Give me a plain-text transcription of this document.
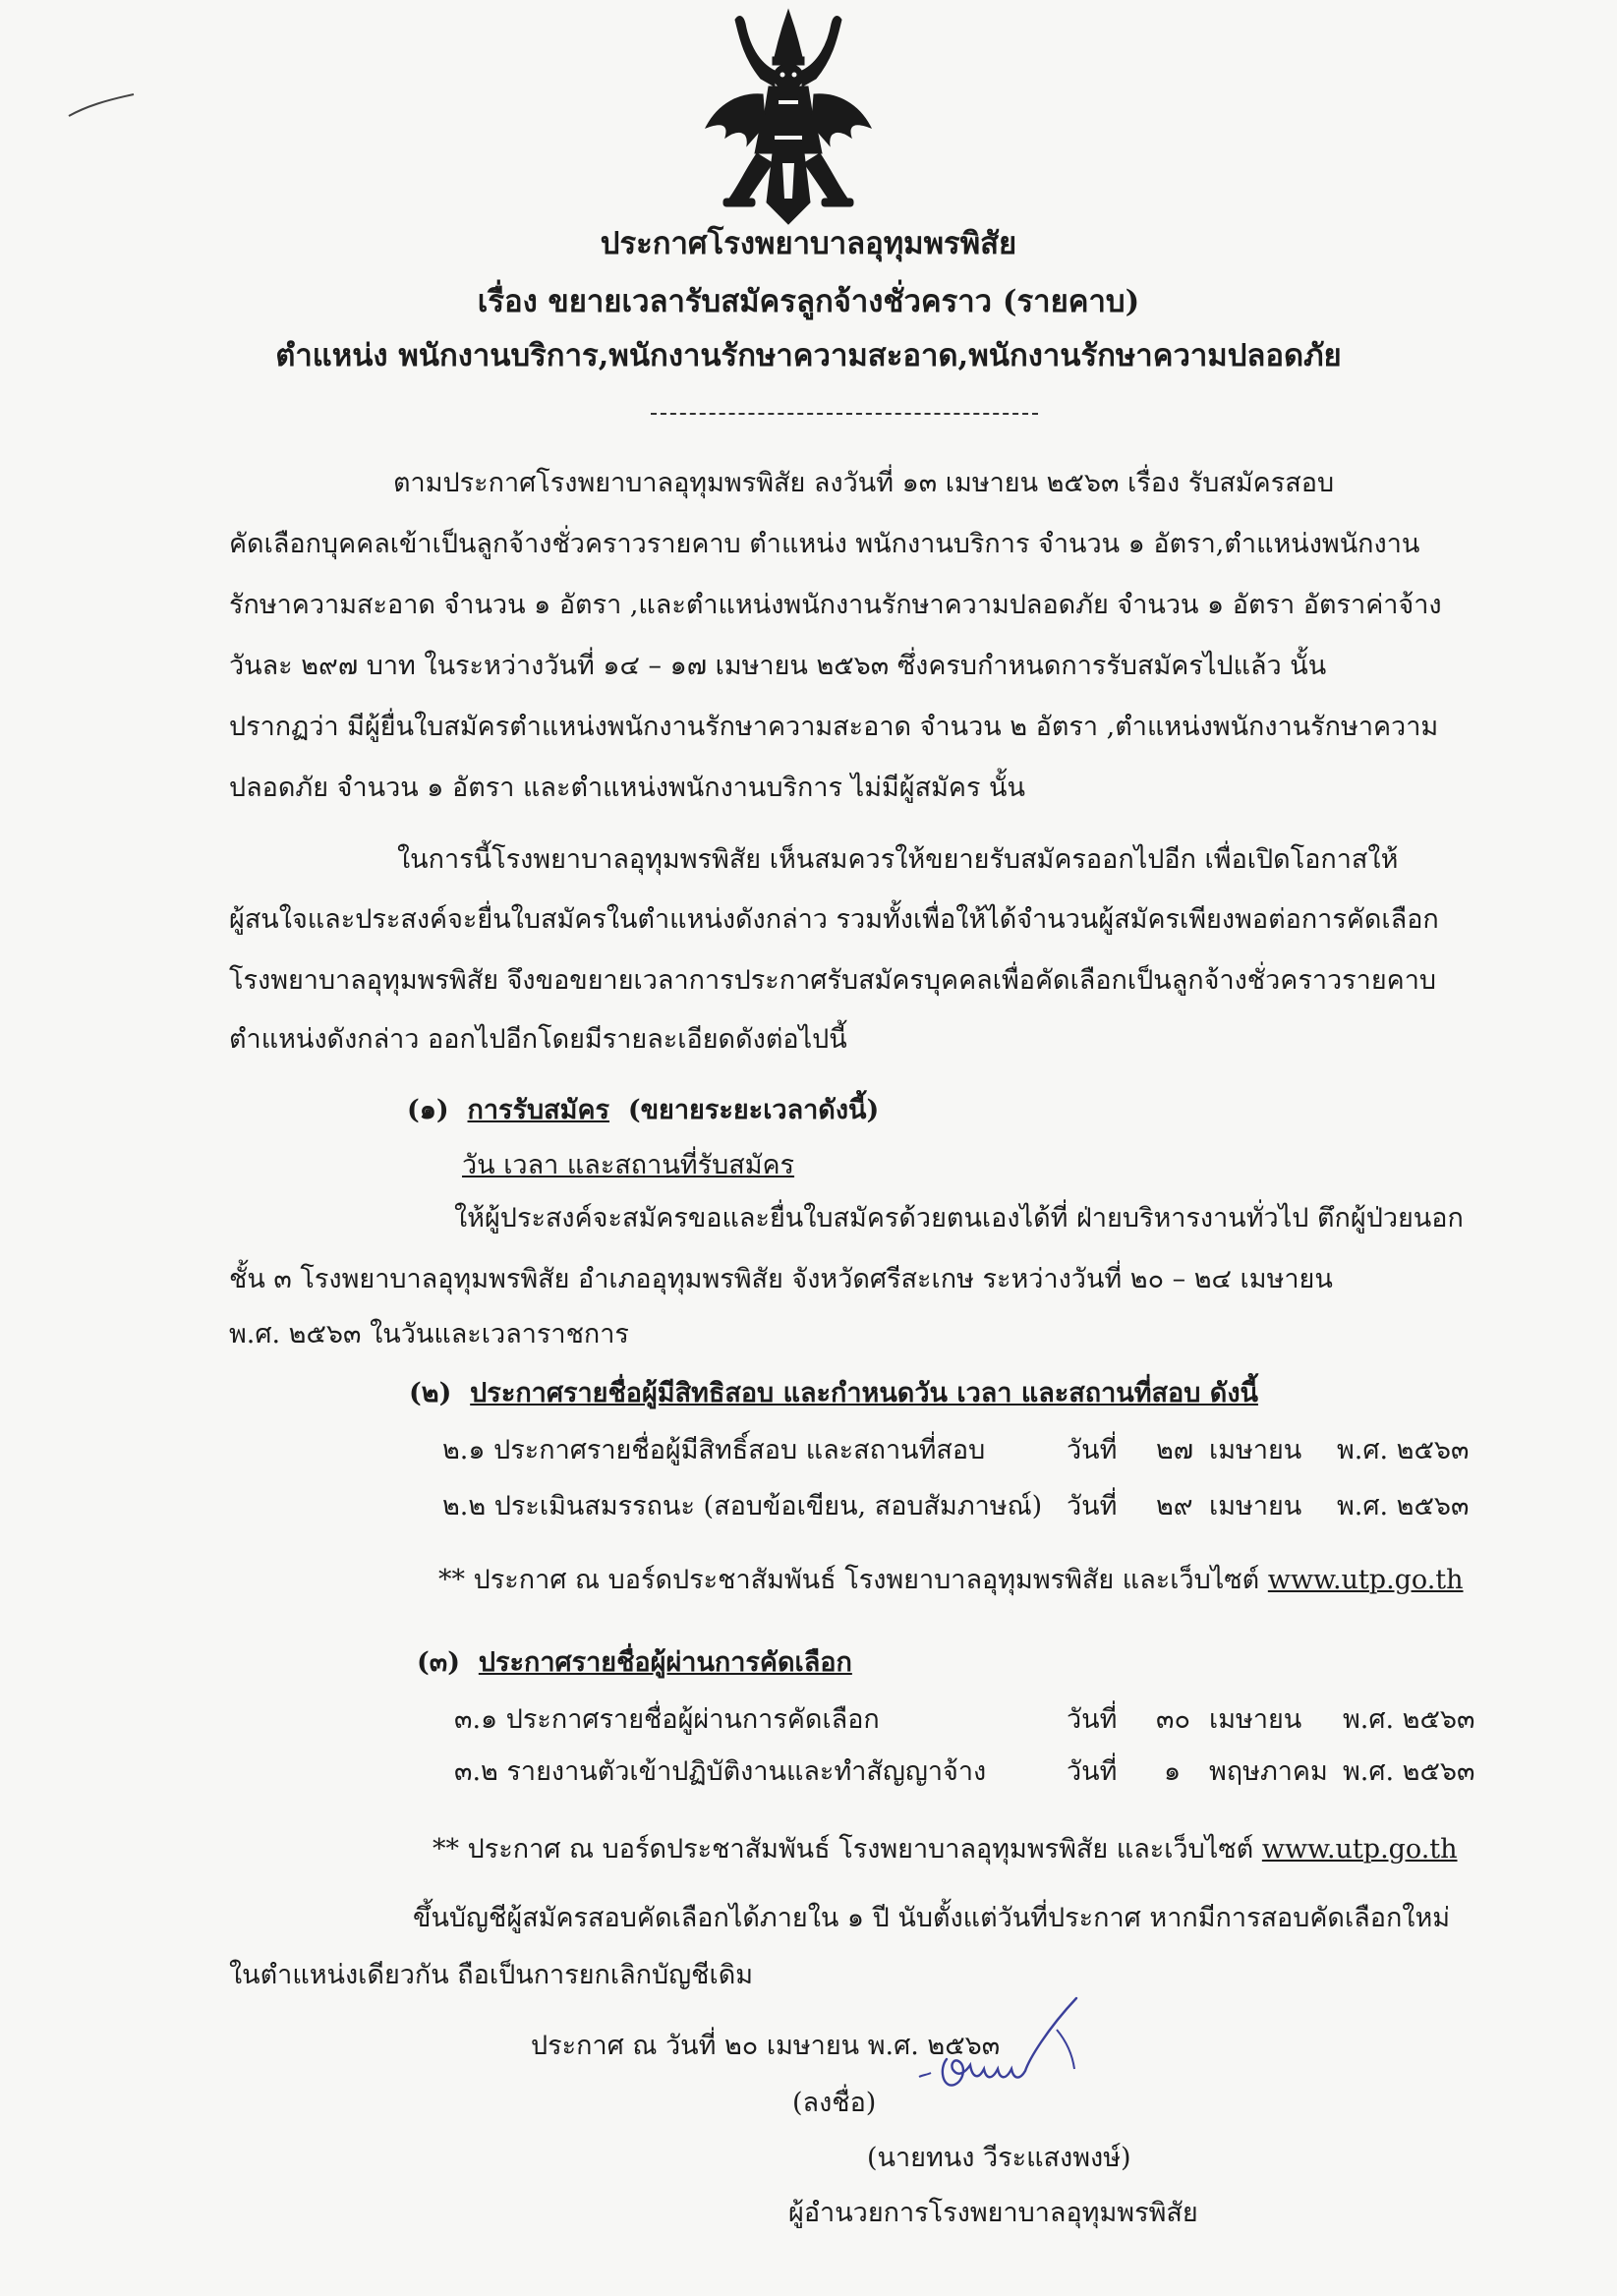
ประกาศโรงพยาบาลอุทุมพรพิสัย
เรื่อง ขยายเวลารับสมัครลูกจ้างชั่วคราว (รายคาบ)
ตำแหน่ง พนักงานบริการ,พนักงานรักษาความสะอาด,พนักงานรักษาความปลอดภัย
ตามประกาศโรงพยาบาลอุทุมพรพิสัย ลงวันที่ ๑๓ เมษายน ๒๕๖๓ เรื่อง รับสมัครสอบ
คัดเลือกบุคคลเข้าเป็นลูกจ้างชั่วคราวรายคาบ ตำแหน่ง พนักงานบริการ จำนวน ๑ อัตรา,ตำแหน่งพนักงาน
รักษาความสะอาด จำนวน ๑ อัตรา ,และตำแหน่งพนักงานรักษาความปลอดภัย จำนวน ๑ อัตรา อัตราค่าจ้าง
วันละ ๒๙๗ บาท ในระหว่างวันที่ ๑๔ – ๑๗ เมษายน ๒๕๖๓ ซึ่งครบกำหนดการรับสมัครไปแล้ว นั้น
ปรากฏว่า มีผู้ยื่นใบสมัครตำแหน่งพนักงานรักษาความสะอาด จำนวน ๒ อัตรา ,ตำแหน่งพนักงานรักษาความ
ปลอดภัย จำนวน ๑ อัตรา และตำแหน่งพนักงานบริการ ไม่มีผู้สมัคร นั้น
ในการนี้โรงพยาบาลอุทุมพรพิสัย เห็นสมควรให้ขยายรับสมัครออกไปอีก เพื่อเปิดโอกาสให้
ผู้สนใจและประสงค์จะยื่นใบสมัครในตำแหน่งดังกล่าว รวมทั้งเพื่อให้ได้จำนวนผู้สมัครเพียงพอต่อการคัดเลือก
โรงพยาบาลอุทุมพรพิสัย จึงขอขยายเวลาการประกาศรับสมัครบุคคลเพื่อคัดเลือกเป็นลูกจ้างชั่วคราวรายคาบ
ตำแหน่งดังกล่าว ออกไปอีกโดยมีรายละเอียดดังต่อไปนี้
(๑) การรับสมัคร (ขยายระยะเวลาดังนี้)
วัน เวลา และสถานที่รับสมัคร
ให้ผู้ประสงค์จะสมัครขอและยื่นใบสมัครด้วยตนเองได้ที่ ฝ่ายบริหารงานทั่วไป ตึกผู้ป่วยนอก
ชั้น ๓ โรงพยาบาลอุทุมพรพิสัย อำเภออุทุมพรพิสัย จังหวัดศรีสะเกษ ระหว่างวันที่ ๒๐ – ๒๔ เมษายน
พ.ศ. ๒๕๖๓ ในวันและเวลาราชการ
(๒) ประกาศรายชื่อผู้มีสิทธิสอบ และกำหนดวัน เวลา และสถานที่สอบ ดังนี้
๒.๑ ประกาศรายชื่อผู้มีสิทธิ์สอบ และสถานที่สอบ	วันที่ ๒๗ เมษายน พ.ศ. ๒๕๖๓
๒.๒ ประเมินสมรรถนะ (สอบข้อเขียน, สอบสัมภาษณ์) วันที่ ๒๙ เมษายน พ.ศ. ๒๕๖๓
** ประกาศ ณ บอร์ดประชาสัมพันธ์ โรงพยาบาลอุทุมพรพิสัย และเว็บไซต์ www.utp.go.th
(๓) ประกาศรายชื่อผู้ผ่านการคัดเลือก
๓.๑ ประกาศรายชื่อผู้ผ่านการคัดเลือก	วันที่ ๓๐ เมษายน พ.ศ. ๒๕๖๓
๓.๒ รายงานตัวเข้าปฏิบัติงานและทำสัญญาจ้าง	วันที่ ๑ พฤษภาคม พ.ศ. ๒๕๖๓
** ประกาศ ณ บอร์ดประชาสัมพันธ์ โรงพยาบาลอุทุมพรพิสัย และเว็บไซต์ www.utp.go.th
ขึ้นบัญชีผู้สมัครสอบคัดเลือกได้ภายใน ๑ ปี นับตั้งแต่วันที่ประกาศ หากมีการสอบคัดเลือกใหม่
ในตำแหน่งเดียวกัน ถือเป็นการยกเลิกบัญชีเดิม
ประกาศ ณ วันที่ ๒๐ เมษายน พ.ศ. ๒๕๖๓
(ลงชื่อ)
(นายทนง วีระแสงพงษ์)
ผู้อำนวยการโรงพยาบาลอุทุมพรพิสัย
